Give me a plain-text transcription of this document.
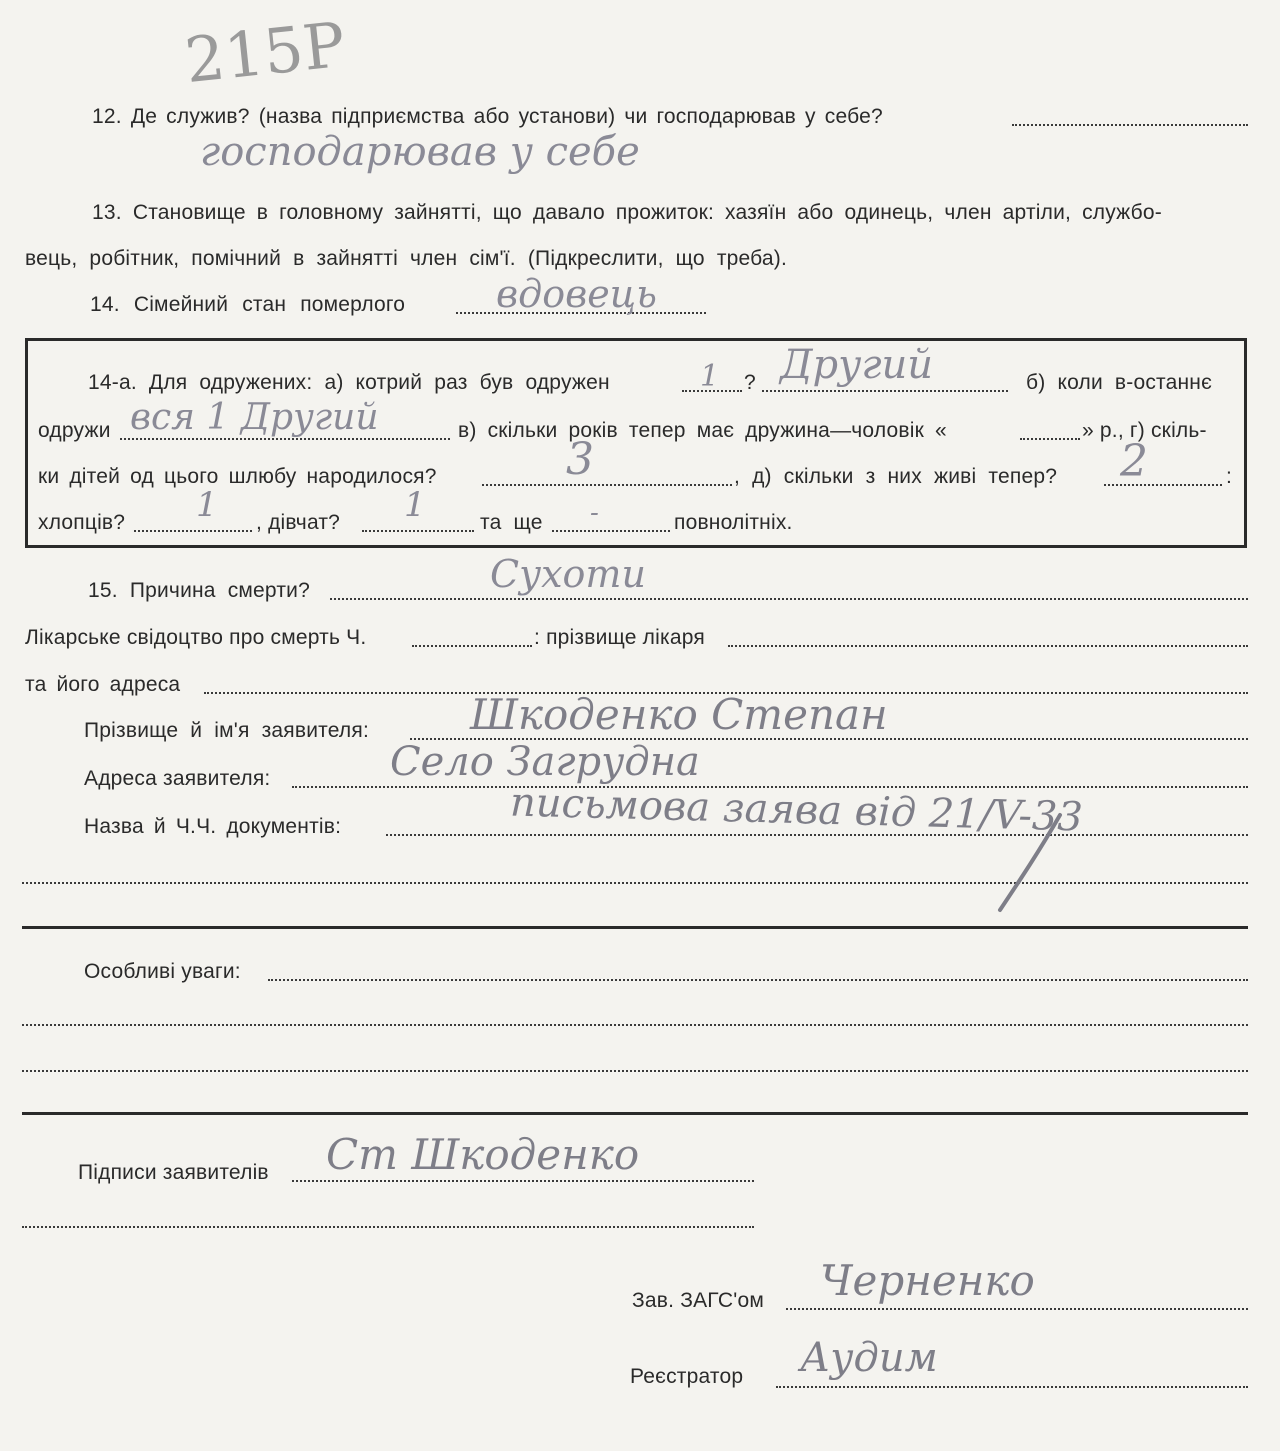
215Р
12. Де служив? (назва підприємства або установи) чи господарював у себе?
господарював у себе
13. Становище в головному зайнятті, що давало прожиток: хазяїн або одинець, член артіли, службо-
вець, робітник, помічний в зайнятті член сім'ї. (Підкреслити, що треба).
14. Сімейний стан померлого вдовець
14-а. Для одружених: а) котрий раз був одружен	?	б) коли в-останнє
1 Другий
одружи вся 1 Другий	в) скільки років тепер має дружина—чоловік «	» р., г) скіль-
ки дітей од цього шлюбу народилося?	3	, д) скільки з них живі тепер? 2	:
хлопців? 1 , дівчат? 1	та ще -	повнолітніх.
15. Причина смерти?	Сухоти
Лікарське свідоцтво про смерть Ч.	: прізвище лікаря
та його адреса
Прізвище й ім'я заявителя: Шкоденко Степан
Адреса заявителя:	Село Загрудна
Назва й Ч.Ч. документів:	письмова заява від 21/V-33
Особливі уваги:
Підписи заявителів Ст Шкоденко
Зав. ЗАГС'ом Черненко
Реєстратор Аудим
